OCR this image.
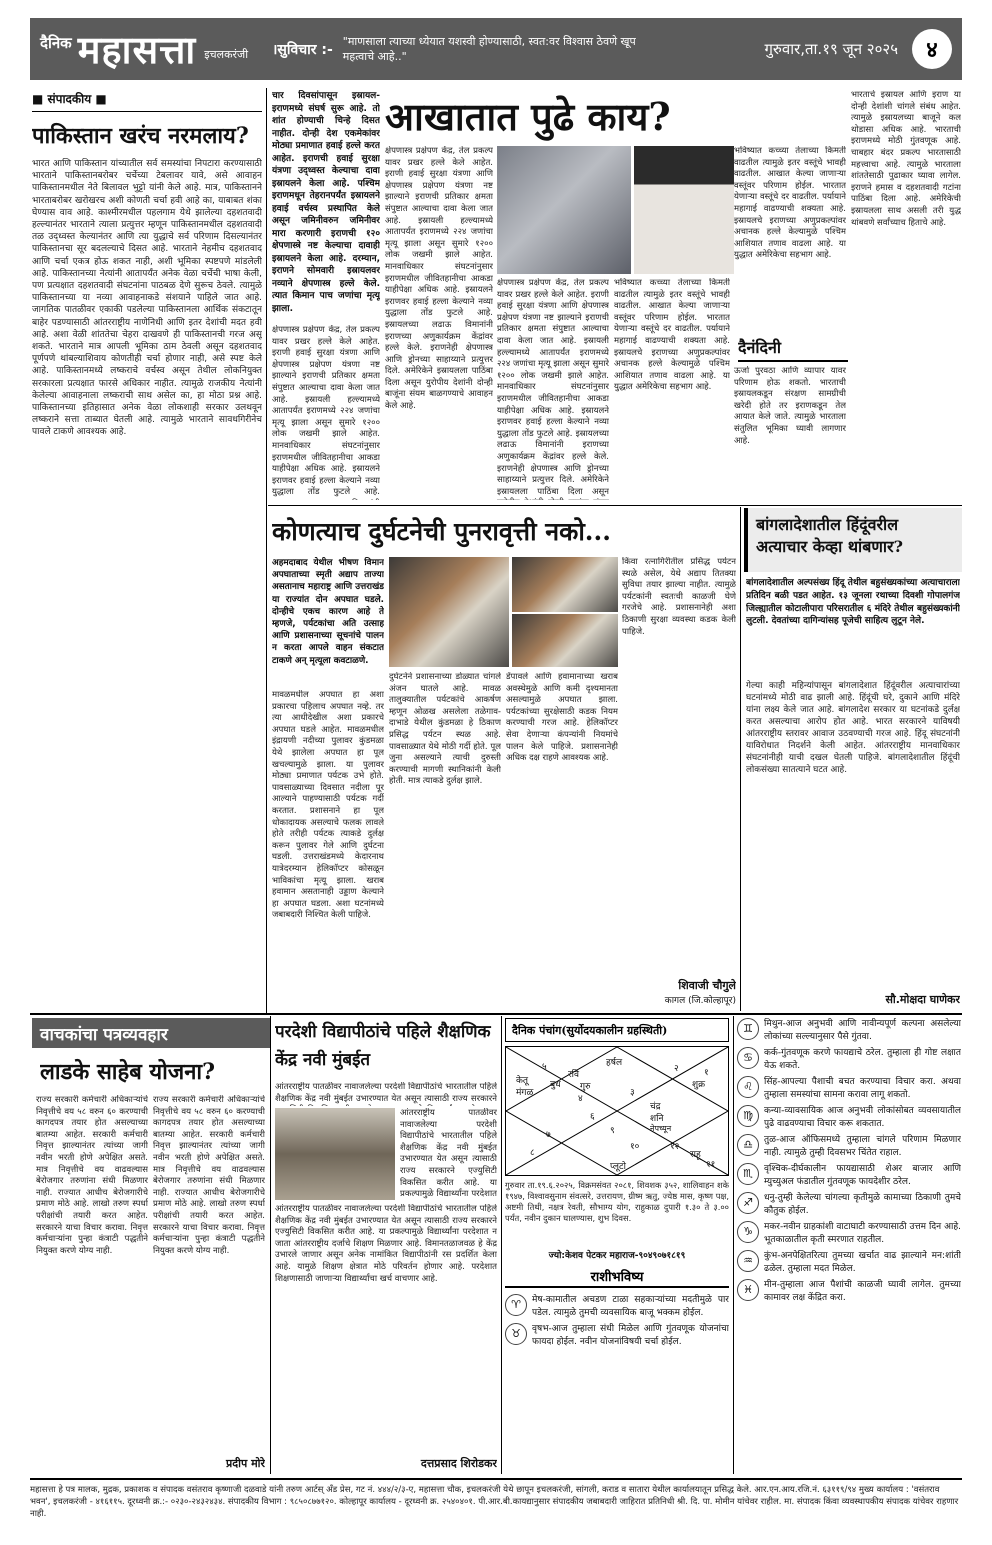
दैनिक महासत्ता इचलकरंजी ।सुविचार :- "माणसाला त्याच्या ध्येयात यशस्वी होण्यासाठी, स्वत:वर विश्वास ठेवणे खूप महत्वाचे आहे.."	गुरुवार,ता.१९ जून २०२५	४
■ संपादकीय ■
पाकिस्तान खरंच नरमलाय?
भारत आणि पाकिस्तान यांच्यातील सर्व समस्यांचा निपटारा करण्यासाठी भारताने पाकिस्तानबरोबर चर्चेच्या टेबलावर यावे, असे आवाहन पाकिस्तानमधील नेते बिलावल भुट्टो यांनी केले आहे. मात्र, पाकिस्तानने भारताबरोबर खरोखरच अशी कोणती चर्चा हवी आहे का, याबाबत शंका घेण्यास वाव आहे. काश्मीरमधील पहलगाम येथे झालेल्या दहशतवादी हल्ल्यानंतर भारताने त्याला प्रत्युत्तर म्हणून पाकिस्तानमधील दहशतवादी तळ उद्ध्वस्त केल्यानंतर आणि त्या युद्धाचे सर्व परिणाम दिसल्यानंतर पाकिस्तानचा सूर बदलल्याचे दिसत आहे. भारताने नेहमीच दहशतवाद आणि चर्चा एकत्र होऊ शकत नाही, अशी भूमिका स्पष्टपणे मांडलेली आहे. पाकिस्तानच्या नेत्यांनी आतापर्यंत अनेक वेळा चर्चेची भाषा केली, पण प्रत्यक्षात दहशतवादी संघटनांना पाठबळ देणे सुरूच ठेवले. त्यामुळे पाकिस्तानच्या या नव्या आवाहनाकडे संशयाने पाहिले जात आहे. जागतिक पातळीवर एकाकी पडलेल्या पाकिस्तानला आर्थिक संकटातून बाहेर पडण्यासाठी आंतरराष्ट्रीय नाणेनिधी आणि इतर देशांची मदत हवी आहे. अशा वेळी शांततेचा चेहरा दाखवणे ही पाकिस्तानची गरज असू शकते. भारताने मात्र आपली भूमिका ठाम ठेवली असून दहशतवाद पूर्णपणे थांबल्याशिवाय कोणतीही चर्चा होणार नाही, असे स्पष्ट केले आहे. पाकिस्तानमध्ये लष्कराचे वर्चस्व असून तेथील लोकनियुक्त सरकारला प्रत्यक्षात फारसे अधिकार नाहीत. त्यामुळे राजकीय नेत्यांनी केलेल्या आवाहनाला लष्कराची साथ असेल का, हा मोठा प्रश्न आहे. पाकिस्तानच्या इतिहासात अनेक वेळा लोकशाही सरकार उलथवून लष्कराने सत्ता ताब्यात घेतली आहे. त्यामुळे भारताने सावधगिरीनेच पावले टाकणे आवश्यक आहे.
चार दिवसांपासून इस्रायल-इराणमध्ये संघर्ष सुरू आहे. तो शांत होण्याची चिन्हे दिसत नाहीत. दोन्ही देश एकमेकांवर मोठ्या प्रमाणात हवाई हल्ले करत आहेत. इराणची हवाई सुरक्षा यंत्रणा उद्ध्वस्त केल्याचा दावा इस्रायलने केला आहे. पश्चिम इराणमधून तेहरानपर्यंत इस्रायलने हवाई वर्चस्व प्रस्थापित केले असून जमिनीवरुन जमिनीवर मारा करणारी इराणची १२० क्षेपणास्त्रे नष्ट केल्याचा दावाही इस्रायलने केला आहे. दरम्यान, इराणने सोमवारी इस्रायलवर नव्याने क्षेपणास्त्र हल्ले केले. त्यात किमान पाच जणांचा मृत्यू झाला.
क्षेपणास्त्र प्रक्षेपण केंद्र, तेल प्रकल्प यावर प्रखर हल्ले केले आहेत. इराणी हवाई सुरक्षा यंत्रणा आणि क्षेपणास्त्र प्रक्षेपण यंत्रणा नष्ट झाल्याने इराणची प्रतिकार क्षमता संपुष्टात आल्याचा दावा केला जात आहे. इस्रायली हल्ल्यामध्ये आतापर्यंत इराणमध्ये २२४ जणांचा मृत्यू झाला असून सुमारे १२०० लोक जखमी झाले आहेत. मानवाधिकार संघटनांनुसार इराणमधील जीवितहानीचा आकडा याहीपेक्षा अधिक आहे. इस्रायलने इराणवर हवाई हल्ला केल्याने नव्या युद्धाला तोंड फुटले आहे.
आखातात पुढे काय?
क्षेपणास्त्र प्रक्षेपण केंद्र, तेल प्रकल्प यावर प्रखर हल्ले केले आहेत. इराणी हवाई सुरक्षा यंत्रणा आणि क्षेपणास्त्र प्रक्षेपण यंत्रणा नष्ट झाल्याने इराणची प्रतिकार क्षमता संपुष्टात आल्याचा दावा केला जात आहे. इस्रायली हल्ल्यामध्ये आतापर्यंत इराणमध्ये २२४ जणांचा मृत्यू झाला असून सुमारे १२०० लोक जखमी झाले आहेत. मानवाधिकार संघटनांनुसार इराणमधील जीवितहानीचा आकडा याहीपेक्षा अधिक आहे. इस्रायलने इराणवर हवाई हल्ला केल्याने नव्या युद्धाला तोंड फुटले आहे. इस्रायलच्या लढाऊ विमानांनी इराणच्या अणुकार्यक्रम केंद्रांवर हल्ले केले. इराणनेही क्षेपणास्त्र आणि ड्रोनच्या साहाय्याने प्रत्युत्तर दिले. अमेरिकेने इस्रायलला पाठिंबा दिला असून युरोपीय देशांनी दोन्ही बाजूंना संयम बाळगण्याचे आवाहन केले आहे.
क्षेपणास्त्र प्रक्षेपण केंद्र, तेल प्रकल्प यावर प्रखर हल्ले केले आहेत. इराणी हवाई सुरक्षा यंत्रणा आणि क्षेपणास्त्र प्रक्षेपण यंत्रणा नष्ट झाल्याने इराणची प्रतिकार क्षमता संपुष्टात आल्याचा दावा केला जात आहे. इस्रायली हल्ल्यामध्ये आतापर्यंत इराणमध्ये २२४ जणांचा मृत्यू झाला असून सुमारे १२०० लोक जखमी झाले आहेत. मानवाधिकार संघटनांनुसार इराणमधील जीवितहानीचा आकडा याहीपेक्षा अधिक आहे. इस्रायलने इराणवर हवाई हल्ला केल्याने नव्या युद्धाला तोंड फुटले आहे. इस्रायलच्या लढाऊ विमानांनी इराणच्या अणुकार्यक्रम केंद्रांवर हल्ले केले. इराणनेही क्षेपणास्त्र आणि ड्रोनच्या साहाय्याने प्रत्युत्तर दिले. अमेरिकेने इस्रायलला पाठिंबा दिला असून
भविष्यात कच्च्या तेलाच्या किमती वाढतील त्यामुळे इतर वस्तूंचे भावही वाढतील. आखात केल्या जाणाऱ्या वस्तूंवर परिणाम होईल. भारतात येणाऱ्या वस्तूंचे दर वाढतील. पर्यायाने महागाई वाढण्याची शक्यता आहे. इस्रायलचे इराणच्या अणुप्रकल्पांवर अचानक हल्ले केल्यामुळे पश्चिम आशियात तणाव वाढला आहे. या युद्धात अमेरिकेचा सहभाग आहे.
भविष्यात कच्च्या तेलाच्या किमती वाढतील त्यामुळे इतर वस्तूंचे भावही वाढतील. आखात केल्या जाणाऱ्या वस्तूंवर परिणाम होईल. भारतात येणाऱ्या वस्तूंचे दर वाढतील. पर्यायाने महागाई वाढण्याची शक्यता आहे. इस्रायलचे इराणच्या अणुप्रकल्पांवर अचानक हल्ले केल्यामुळे पश्चिम आशियात तणाव वाढला आहे. या युद्धात अमेरिकेचा सहभाग आहे.
दैनंदिनी
ऊर्जा पुरवठा आणि व्यापार यावर परिणाम होऊ शकतो. भारताची इस्रायलकडून संरक्षण सामग्रीची खरेदी होते तर इराणकडून तेल आयात केले जाते. त्यामुळे भारताला संतुलित भूमिका घ्यावी लागणार आहे.
भारताचे इस्रायल आणि इराण या दोन्ही देशांशी चांगले संबंध आहेत. त्यामुळे इस्रायलच्या बाजूने कल थोडासा अधिक आहे. भारताची इराणमध्ये मोठी गुंतवणूक आहे. चाबहार बंदर प्रकल्प भारतासाठी महत्त्वाचा आहे. त्यामुळे भारताला शांततेसाठी पुढाकार घ्यावा लागेल. इराणने हमास व दहशतवादी गटांना पाठिंबा दिला आहे. अमेरिकेची इस्रायलला साथ असली तरी युद्ध थांबवणे सर्वांच्याच हिताचे आहे.
कोणत्याच दुर्घटनेची पुनरावृत्ती नको...
अहमदाबाद येथील भीषण विमान अपघाताच्या स्मृती अद्याप ताज्या असतानाच महाराष्ट्र आणि उत्तराखंड या राज्यांत दोन अपघात घडले. दोन्हीचे एकच कारण आहे ते म्हणजे, पर्यटकांचा अति उत्साह आणि प्रशासनाच्या सूचनांचे पालन न करता आपले वाहन संकटात टाकणे अन् मृत्यूला कवटाळणे.
मावळमधील अपघात हा अशा प्रकारचा पहिलाच अपघात नव्हे. तर त्या आधीदेखील अशा प्रकारचे अपघात घडले आहेत. मावळमधील इंद्रायणी नदीच्या पुलावर कुंडमळा येथे झालेला अपघात हा पूल खचल्यामुळे झाला. या पुलावर मोठ्या प्रमाणात पर्यटक उभे होते. पावसाळ्याच्या दिवसात नदीला पूर आल्याने पाहण्यासाठी पर्यटक गर्दी करतात. प्रशासनाने हा पूल धोकादायक असल्याचे फलक लावले होते तरीही पर्यटक त्याकडे दुर्लक्ष करून पुलावर गेले आणि दुर्घटना घडली. उत्तराखंडमध्ये केदारनाथ यात्रेदरम्यान हेलिकॉप्टर कोसळून भाविकांचा मृत्यू झाला. खराब हवामान असतानाही उड्डाण केल्याने हा अपघात घडला. अशा घटनांमध्ये जबाबदारी निश्चित केली पाहिजे.
दुर्घटनेने प्रशासनाच्या डोळ्यात चांगले अंजन घातले आहे. मावळ तालुक्यातील पर्यटकांचे आकर्षण म्हणून ओळख असलेला तळेगाव-दाभाडे येथील कुंडमळा हे ठिकाण प्रसिद्ध पर्यटन स्थळ आहे. पावसाळ्यात येथे मोठी गर्दी होते. पूल जुना असल्याने त्याची दुरुस्ती करण्याची मागणी स्थानिकांनी केली होती. मात्र त्याकडे दुर्लक्ष झाले.
डेंपावले आणि हवामानाच्या खराब अवस्थेमुळे आणि कमी दृश्यमानता असल्यामुळे अपघात झाला. पर्यटकांच्या सुरक्षेसाठी कडक नियम करण्याची गरज आहे. हेलिकॉप्टर सेवा देणाऱ्या कंपन्यांनी नियमांचे पालन केले पाहिजे. प्रशासनानेही अधिक दक्ष राहणे आवश्यक आहे.
किंवा रत्नागिरीतील प्रसिद्ध पर्यटन स्थळे असेल, येथे अद्याप तितक्या सुविधा तयार झाल्या नाहीत. त्यामुळे पर्यटकांनी स्वतःची काळजी घेणे गरजेचे आहे. प्रशासनानेही अशा ठिकाणी सुरक्षा व्यवस्था कडक केली पाहिजे.
शिवाजी चौगुले
कागल (जि.कोल्हापूर)
बांगलादेशातील हिंदूंवरील अत्याचार केव्हा थांबणार?
बांगलादेशातील अल्पसंख्य हिंदू तेथील बहुसंख्यकांच्या अत्याचाराला प्रतिदिन बळी पडत आहेत. १३ जूनला रथाच्या दिवशी गोपालगंज जिल्ह्यातील कोटालीपारा परिसरातील ६ मंदिरे तेथील बहुसंख्यकांनी लुटली. देवतांच्या दागिन्यांसह पूजेची साहित्य लुटून नेले.
गेल्या काही महिन्यांपासून बांगलादेशात हिंदूंवरील अत्याचारांच्या घटनांमध्ये मोठी वाढ झाली आहे. हिंदूंची घरे, दुकाने आणि मंदिरे यांना लक्ष्य केले जात आहे. बांगलादेश सरकार या घटनांकडे दुर्लक्ष करत असल्याचा आरोप होत आहे. भारत सरकारने याविषयी आंतरराष्ट्रीय स्तरावर आवाज उठवण्याची गरज आहे. हिंदू संघटनांनी याविरोधात निदर्शने केली आहेत. आंतरराष्ट्रीय मानवाधिकार संघटनांनीही याची दखल घेतली पाहिजे. बांगलादेशातील हिंदूंची लोकसंख्या सातत्याने घटत आहे.
सौ.मोक्षदा घाणेकर
वाचकांचा पत्रव्यवहार
लाडके साहेब योजना?
राज्य सरकारी कर्मचारी अधिकाऱ्यांचे निवृत्तीचे वय ५८ वरुन ६० करण्याची कागदपत्र तयार होत असल्याच्या बातम्या आहेत. सरकारी कर्मचारी निवृत्त झाल्यानंतर त्यांच्या जागी नवीन भरती होणे अपेक्षित असते. मात्र निवृत्तीचे वय वाढवल्यास बेरोजगार तरुणांना संधी मिळणार नाही. राज्यात आधीच बेरोजगारीचे प्रमाण मोठे आहे. लाखो तरुण स्पर्धा परीक्षांची तयारी करत आहेत. सरकारने याचा विचार करावा. निवृत्त कर्मचाऱ्यांना पुन्हा कंत्राटी पद्धतीने नियुक्त करणे योग्य नाही.
राज्य सरकारी कर्मचारी अधिकाऱ्यांचे निवृत्तीचे वय ५८ वरुन ६० करण्याची कागदपत्र तयार होत असल्याच्या बातम्या आहेत. सरकारी कर्मचारी निवृत्त झाल्यानंतर त्यांच्या जागी नवीन भरती होणे अपेक्षित असते. मात्र निवृत्तीचे वय वाढवल्यास बेरोजगार तरुणांना संधी मिळणार नाही. राज्यात आधीच बेरोजगारीचे प्रमाण मोठे आहे. लाखो तरुण स्पर्धा परीक्षांची तयारी करत आहेत. सरकारने याचा विचार करावा. निवृत्त कर्मचाऱ्यांना पुन्हा कंत्राटी पद्धतीने नियुक्त करणे योग्य नाही.
प्रदीप मोरे
परदेशी विद्यापीठांचे पहिले शैक्षणिक केंद्र नवी मुंबईत
आंतरराष्ट्रीय पातळीवर नावाजलेल्या परदेशी विद्यापीठांचे भारतातील पहिले शैक्षणिक केंद्र नवी मुंबईत उभारण्यात येत असून त्यासाठी राज्य सरकारने
आंतरराष्ट्रीय पातळीवर नावाजलेल्या परदेशी विद्यापीठांचे भारतातील पहिले शैक्षणिक केंद्र नवी मुंबईत उभारण्यात येत असून त्यासाठी राज्य सरकारने एज्युसिटी विकसित करीत आहे. या प्रकल्पामुळे विद्यार्थ्यांना परदेशात
आंतरराष्ट्रीय पातळीवर नावाजलेल्या परदेशी विद्यापीठांचे भारतातील पहिले शैक्षणिक केंद्र नवी मुंबईत उभारण्यात येत असून त्यासाठी राज्य सरकारने एज्युसिटी विकसित करीत आहे. या प्रकल्पामुळे विद्यार्थ्यांना परदेशात न जाता आंतरराष्ट्रीय दर्जाचे शिक्षण मिळणार आहे. विमानतळाजवळ हे केंद्र उभारले जाणार असून अनेक नामांकित विद्यापीठांनी रस प्रदर्शित केला आहे. यामुळे शिक्षण क्षेत्रात मोठे परिवर्तन होणार आहे. परदेशात शिक्षणासाठी जाणाऱ्या विद्यार्थ्यांचा खर्च वाचणार आहे.
दत्तप्रसाद शिरोडकर
दैनिक पंचांग(सुर्योदयकालीन ग्रहस्थिती)
हर्षल
केतू
मंगळ
रवि
बुध गुरु	शुक्र
चंद्र
शनि
नेपच्यून
राहू
प्लूटो
५
४
२	१
३
६
८
७	९
१०	१२
११
गुरुवार ता.१९.६.२०२५, विक्रमसंवत २०८१, शिवशक ३५२, शालिवाहन शके १९४७, विश्वावसुनाम संवत्सरे, उत्तरायण, ग्रीष्म ऋतु, ज्येष्ठ मास, कृष्ण पक्ष, अष्टमी तिथी, नक्षत्र रेवती, सौभाग्य योग, राहुकाळ दुपारी १.३० ते ३.०० पर्यंत, नवीन दुकान घालण्यास, शुभ दिवस.
ज्यो:केशव पेटकर महाराज-९०४९०७१८१९
राशीभविष्य
♈	मेष-कामातील अचडण टाळा सहकाऱ्यांच्या मदतीमुळे पार पडेल. त्यामुळे तुमची व्यवसायिक बाजू भक्कम होईल.
♉	वृषभ-आज तुम्हाला संधी मिळेल आणि गुंतवणूक योजनांचा फायदा होईल. नवीन योजनांविषयी चर्चा होईल.
♊	मिथुन-आज अनुभवी आणि नावीन्यपूर्ण कल्पना असलेल्या लोकांच्या सल्ल्यानुसार पैसे गुंतवा.
♋	कर्क-गुंतवणूक करणे फायद्याचे ठरेल. तुम्हाला ही गोष्ट लक्षात येऊ शकते.
♌	सिंह-आपल्या पैशाची बचत करण्याचा विचार करा. अथवा तुम्हाला समस्यांचा सामना करावा लागू शकतो.
♍	कन्या-व्यावसायिक आज अनुभवी लोकांसोबत व्यवसायातील पुढे वाढवण्याचा विचार करू शकतात.
♎	तुळ-आज ऑफिसमध्ये तुम्हाला चांगले परिणाम मिळणार नाही. त्यामुळे तुम्ही दिवसभर चिंतेत राहाल.
♏	वृश्चिक-दीर्घकालीन फायद्यासाठी शेअर बाजार आणि म्युच्युअल फंडातील गुंतवणूक फायदेशीर ठरेल.
♐	धनु-तुम्ही केलेल्या चांगल्या कृतीमुळे कामाच्या ठिकाणी तुमचे कौतुक होईल.
♑	मकर-नवीन ग्राहकांशी वाटाघाटी करण्यासाठी उत्तम दिन आहे. भूतकाळातील कृती स्मरणात राहतील.
♒	कुंभ-अनपेक्षितरित्या तुमच्या खर्चात वाढ झाल्याने मन:शांती ढळेल. तुम्हाला मदत मिळेल.
♓	मीन-तुम्हाला आज पैशांची काळजी घ्यावी लागेल. तुमच्या कामावर लक्ष केंद्रित करा.
महासत्ता हे पत्र मालक, मुद्रक, प्रकाशक व संपादक वसंतराव कृष्णाजी दळवाडे यांनी तरुण आर्टस् अँड प्रेस, गट नं. ४४४/२/३-ए, महासत्ता चौक, इचलकरंजी येथे छापून इचलकरंजी, सांगली, कराड व सातारा येथील कार्यालयातून प्रसिद्ध केले. आर.एन.आय.रजि.नं. ६३११९/९४ मुख्य कार्यालय : 'वसंतराव भवन', इचलकरंजी - ४१६११५. दूरध्वनी क्र.:- ०२३०-२४३२४३४. संपादकीय विभाग : ९८५०८७७१२०. कोल्हापूर कार्यालय - दूरध्वनी क्र. २५४०४०१. पी.आर.बी.कायद्यानुसार संपादकीय जबाबदारी जाहिरात प्रतिनिधी श्री. दि. पा. मोमीन यांचेवर राहील. मा. संपादक किंवा व्यवस्थापकीय संपादक यांचेवर राहणार नाही.
